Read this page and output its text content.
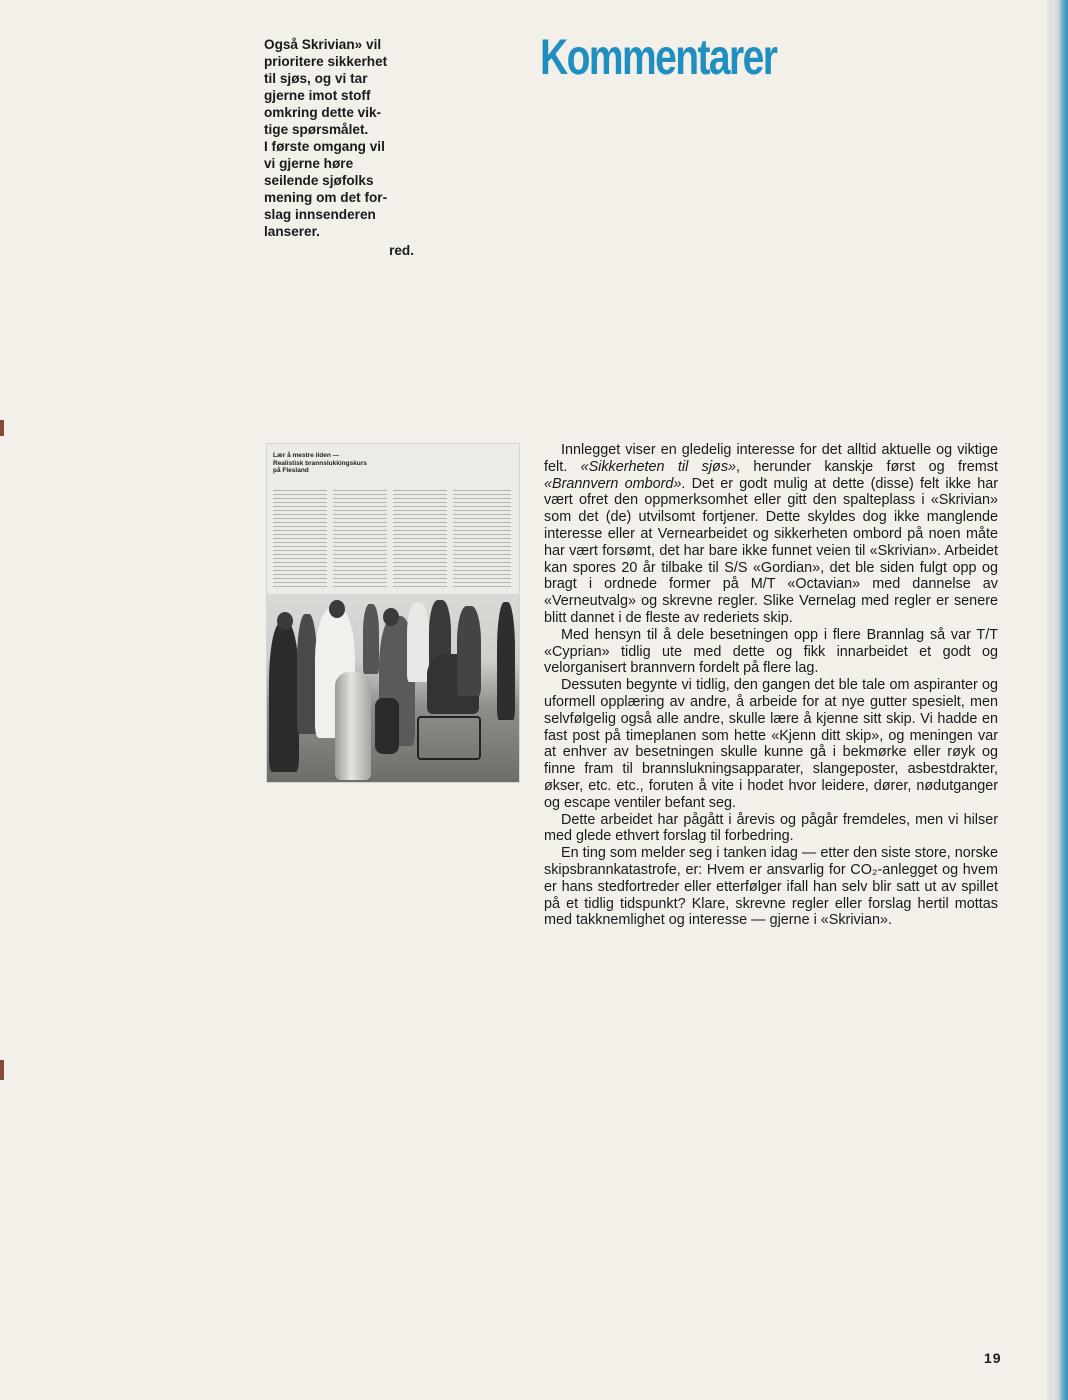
Også Skrivian» vil
prioritere sikkerhet
til sjøs, og vi tar
gjerne imot stoff
omkring dette vik-
tige spørsmålet.
I første omgang vil
vi gjerne høre
seilende sjøfolks
mening om det for-
slag innsenderen
lanserer.

red.
Kommentarer
Lær å mestre ilden —
Realistisk brannslukkingskurs
på Flesland

Innlegget viser en gledelig interesse for det alltid aktuelle og viktige felt. «Sikkerheten til sjøs», herunder kanskje først og fremst «Brannvern ombord». Det er godt mulig at dette (disse) felt ikke har vært ofret den oppmerksomhet eller gitt den spalteplass i «Skrivian» som det (de) utvilsomt fortjener. Dette skyldes dog ikke manglende interesse eller at Vernearbeidet og sikkerheten ombord på noen måte har vært forsømt, det har bare ikke funnet veien til «Skrivian». Arbeidet kan spores 20 år tilbake til S/S «Gordian», det ble siden fulgt opp og bragt i ordnede former på M/T «Octavian» med dannelse av «Verneutvalg» og skrevne regler. Slike Vernelag med regler er senere blitt dannet i de fleste av rederiets skip.

Med hensyn til å dele besetningen opp i flere Brannlag så var T/T «Cyprian» tidlig ute med dette og fikk innarbeidet et godt og velorganisert brannvern fordelt på flere lag.

Dessuten begynte vi tidlig, den gangen det ble tale om aspiranter og uformell opplæring av andre, å arbeide for at nye gutter spesielt, men selvfølgelig også alle andre, skulle lære å kjenne sitt skip. Vi hadde en fast post på timeplanen som hette «Kjenn ditt skip», og meningen var at enhver av besetningen skulle kunne gå i bekmørke eller røyk og finne fram til brannslukningsapparater, slangeposter, asbestdrakter, økser, etc. etc., foruten å vite i hodet hvor leidere, dører, nødutganger og escape ventiler befant seg.

Dette arbeidet har pågått i årevis og pågår fremdeles, men vi hilser med glede ethvert forslag til forbedring.

En ting som melder seg i tanken idag — etter den siste store, norske skipsbrannkatastrofe, er: Hvem er ansvarlig for CO₂-anlegget og hvem er hans stedfortreder eller etterfølger ifall han selv blir satt ut av spillet på et tidlig tidspunkt? Klare, skrevne regler eller forslag hertil mottas med takknemlighet og interesse — gjerne i «Skrivian».

19
